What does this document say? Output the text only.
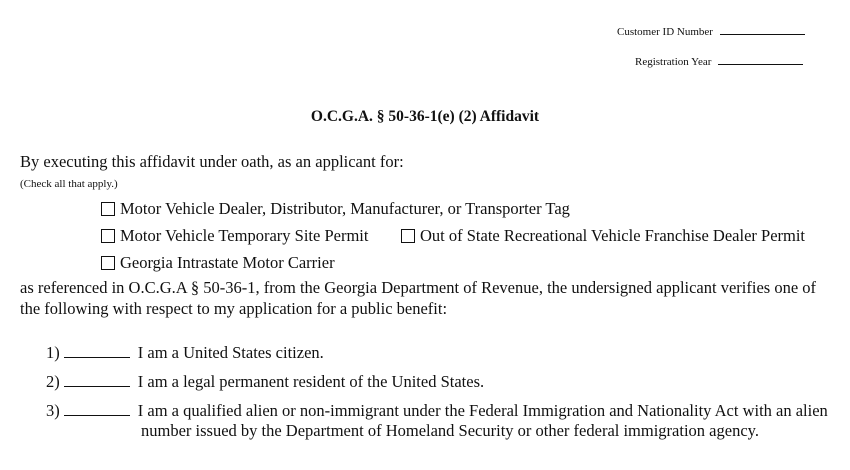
Customer ID Number
Registration Year
O.C.G.A. § 50-36-1(e) (2) Affidavit
By executing this affidavit under oath, as an applicant for:
(Check all that apply.)
Motor Vehicle Dealer, Distributor, Manufacturer, or Transporter Tag
Motor Vehicle Temporary Site Permit	Out of State Recreational Vehicle Franchise Dealer Permit
Georgia Intrastate Motor Carrier
as referenced in O.C.G.A § 50-36-1, from the Georgia Department of Revenue, the undersigned applicant verifies one of
the following with respect to my application for a public benefit:
1)	I am a United States citizen.
2)	I am a legal permanent resident of the United States.
3)	I am a qualified alien or non-immigrant under the Federal Immigration and Nationality Act with an alien
number issued by the Department of Homeland Security or other federal immigration agency.
